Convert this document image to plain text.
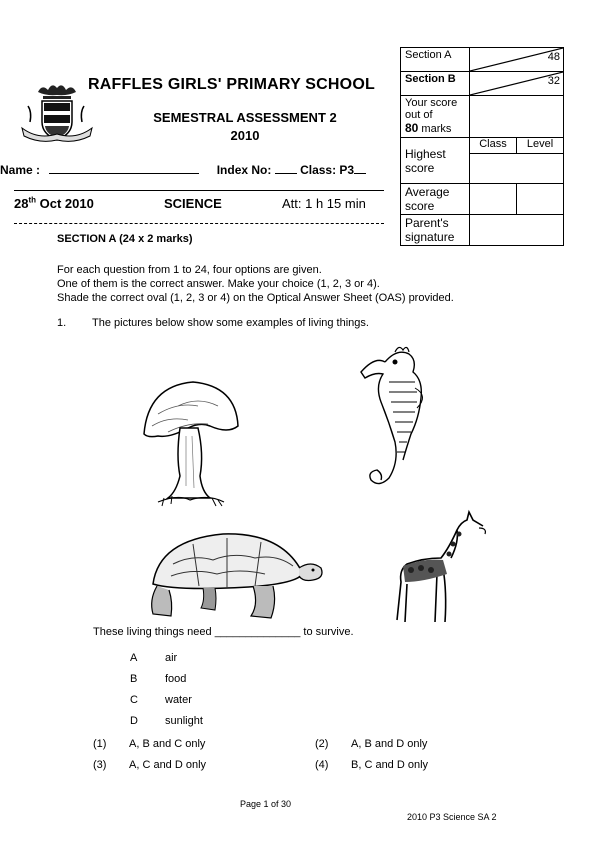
Section A	48

Section B	32

Your score out of
80 marks	

Highest score	Class Level

Average score	

Parent's signature	
RAFFLES GIRLS' PRIMARY SCHOOL
SEMESTRAL ASSESSMENT 2
2010
Name :	Index No:  Class: P3
28th Oct 2010	SCIENCE	Att: 1 h 15 min
SECTION A (24 x 2 marks)
For each question from 1 to 24, four options are given.
One of them is the correct answer. Make your choice (1, 2, 3 or 4).
Shade the correct oval (1, 2, 3 or 4) on the Optical Answer Sheet (OAS) provided.
1. The pictures below show some examples of living things.
These living things need ______________ to survive.
A	air
B	food
C water
D sunlight
(1) A, B and C only	(2) A, B and D only
(3) A, C and D only	(4) B, C and D only
Page 1 of 30
2010 P3 Science SA 2
